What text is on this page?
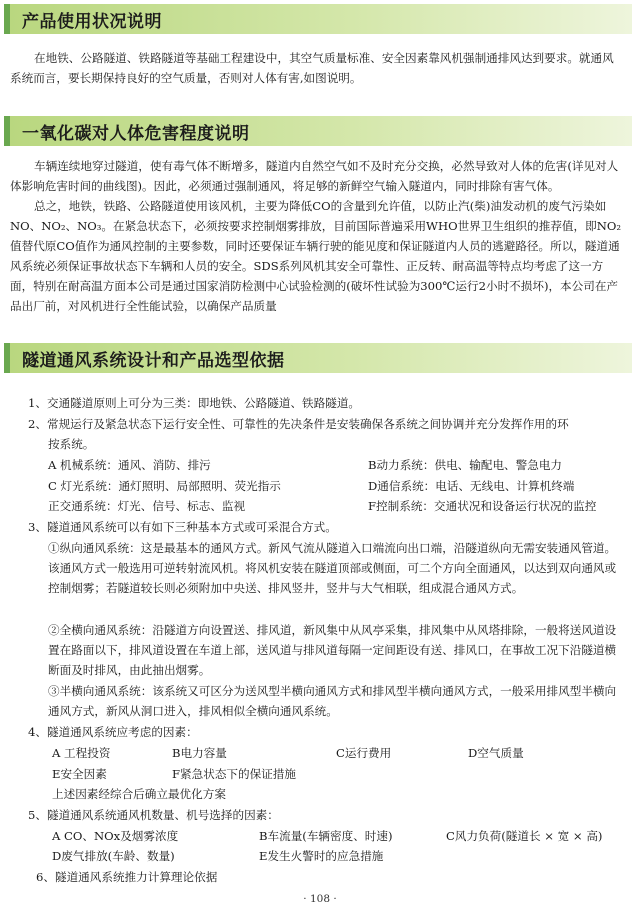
产品使用状况说明

在地铁、公路隧道、铁路隧道等基础工程建设中，其空气质量标准、安全因素靠风机强制通排风达到要求。就通风系统而言，要长期保持良好的空气质量，否则对人体有害,如图说明。

一氧化碳对人体危害程度说明

车辆连续地穿过隧道，使有毒气体不断增多，隧道内自然空气如不及时充分交换，必然导致对人体的危害(详见对人体影响危害时间的曲线图)。因此，必须通过强制通风，将足够的新鲜空气输入隧道内，同时排除有害气体。

总之，地铁，铁路、公路隧道使用该风机，主要为降低CO的含量到允许值，以防止汽(柴)油发动机的废气污染如NO、NO₂、NO₃。在紧急状态下，必须按要求控制烟雾排放，目前国际普遍采用WHO世界卫生组织的推荐值，即NO₂值替代原CO值作为通风控制的主要参数，同时还要保证车辆行驶的能见度和保证隧道内人员的逃避路径。所以，隧道通风系统必须保证事故状态下车辆和人员的安全。SDS系列风机其安全可靠性、正反转、耐高温等特点均考虑了这一方面，特别在耐高温方面本公司是通过国家消防检测中心试验检测的(破坏性试验为300℃运行2小时不损坏)，本公司在产品出厂前，对风机进行全性能试验，以确保产品质量

隧道通风系统设计和产品选型依据
1、交通隧道原则上可分为三类：即地铁、公路隧道、铁路隧道。
2、常规运行及紧急状态下运行安全性、可靠性的先决条件是安装确保各系统之间协调并充分发挥作用的环
按系统。
A 机械系统：通风、消防、排污	B动力系统：供电、输配电、警急电力
C 灯光系统：通灯照明、局部照明、荧光指示	D通信系统：电话、无线电、计算机终端
正交通系统：灯光、信号、标志、监视	F控制系统：交通状况和设备运行状况的监控
3、隧道通风系统可以有如下三种基本方式或可采混合方式。

①纵向通风系统：这是最基本的通风方式。新风气流从隧道入口端流向出口端，沿隧道纵向无需安装通风管道。该通风方式一般选用可逆转射流风机。将风机安装在隧道顶部或侧面，可二个方向全面通风，以达到双向通风或控制烟雾；若隧道较长则必须附加中央送、排风竖井，竖井与大气相联，组成混合通风方式。

②全横向通风系统：沿隧道方向设置送、排风道，新风集中从风亭采集，排风集中从风塔排除，一般将送风道设置在路面以下，排风道设置在车道上部，送风道与排风道每隔一定间距设有送、排风口，在事故工况下沿隧道横断面及时排风，由此抽出烟雾。

③半横向通风系统：该系统又可区分为送风型半横向通风方式和排风型半横向通风方式，一般采用排风型半横向通风方式，新风从洞口进入，排风相似全横向通风系统。

4、隧道通风系统应考虑的因素：
A 工程投资	B电力容量	C运行费用	D空气质量
E安全因素	F紧急状态下的保证措施
上述因素经综合后确立最优化方案
5、隧道通风系统通风机数量、机号选择的因素：
A CO、NOx及烟雾浓度	B车流量(车辆密度、时速)	C风力负荷(隧道长 × 宽 × 高)
D废气排放(车龄、数量)	E发生火警时的应急措施
6、隧道通风系统推力计算理论依据
· 108 ·
